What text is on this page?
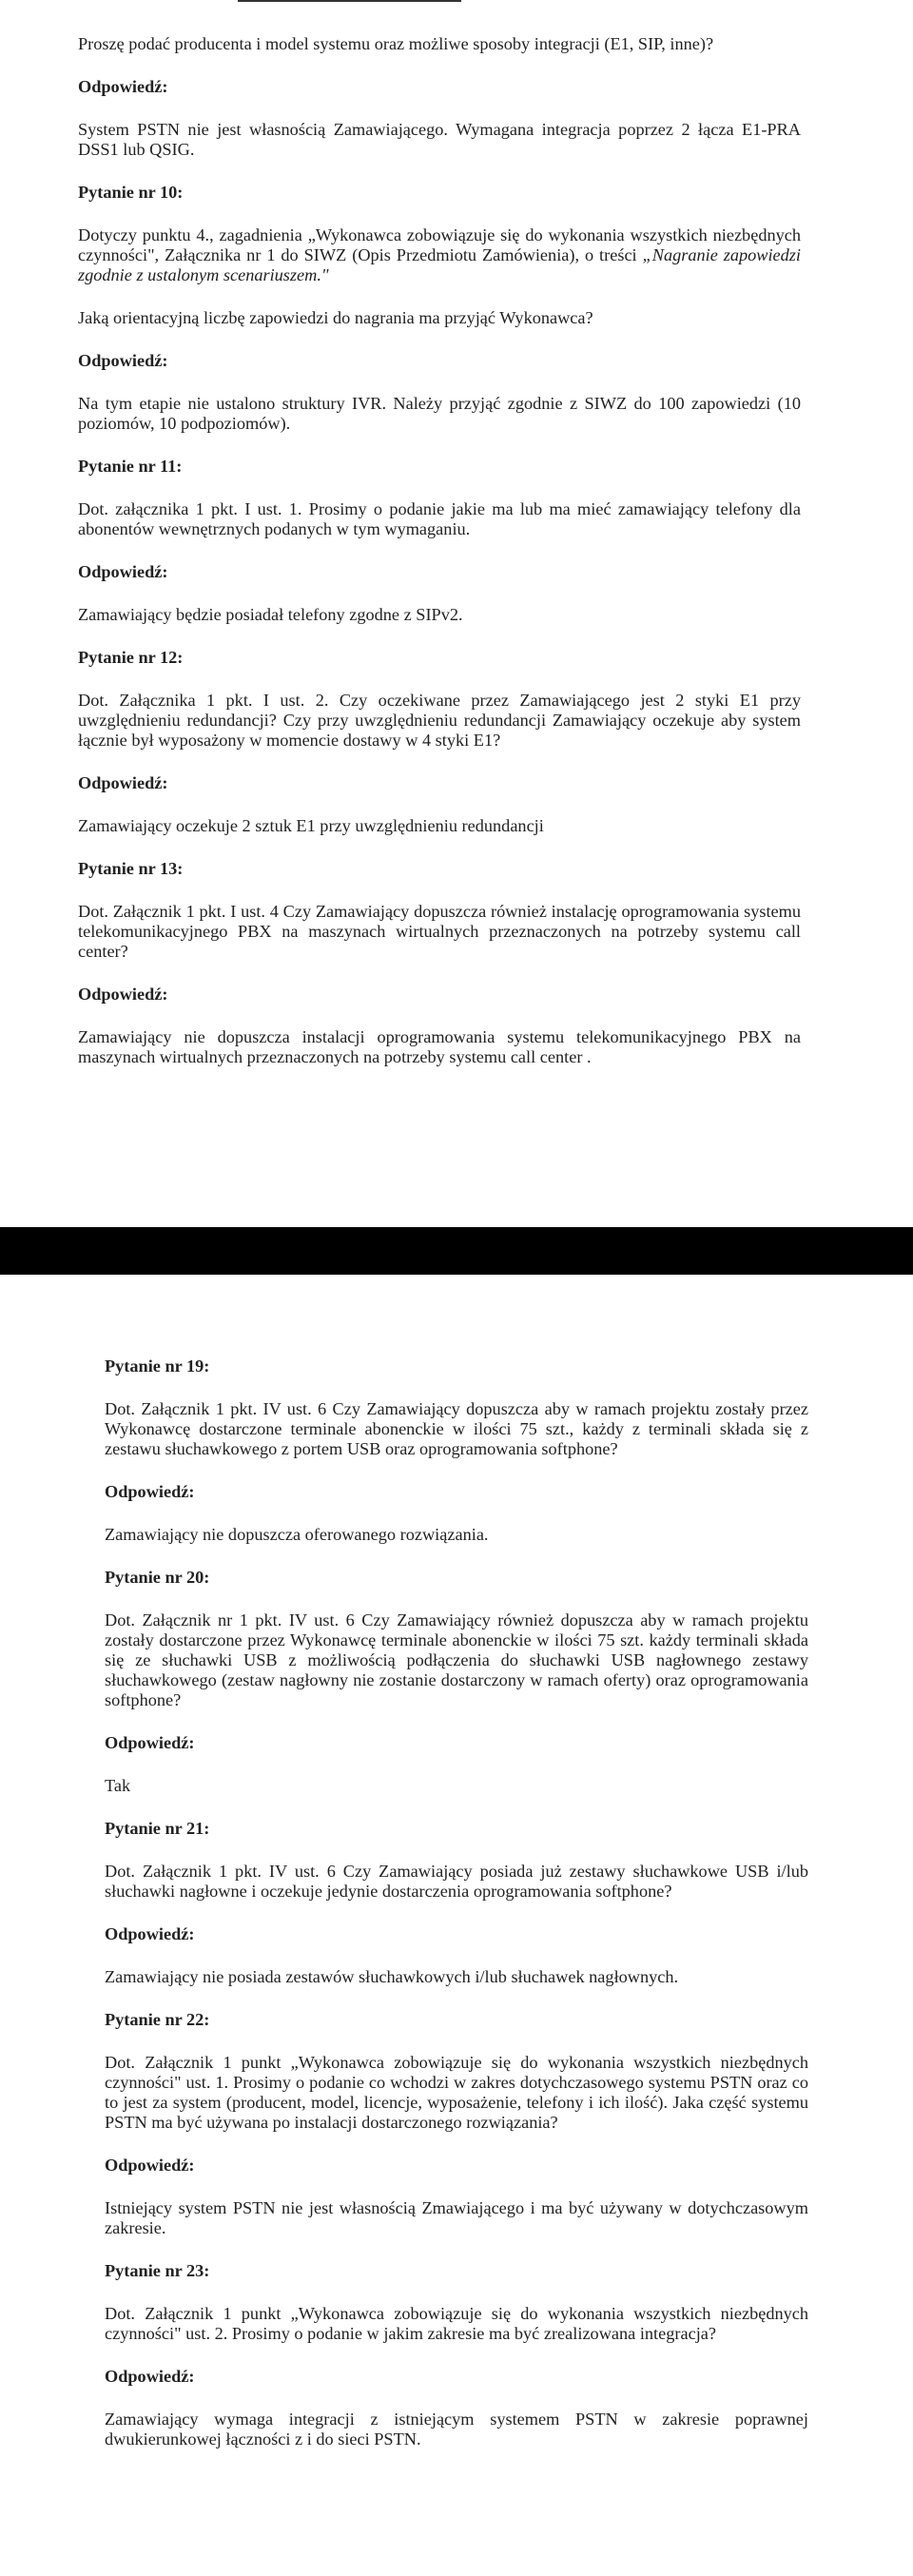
Proszę podać producenta i model systemu oraz możliwe sposoby integracji (E1, SIP, inne)?

Odpowiedź:

System PSTN nie jest własnością Zamawiającego. Wymagana integracja poprzez 2 łącza E1-PRA DSS1 lub QSIG.

Pytanie nr 10:

Dotyczy punktu 4., zagadnienia „Wykonawca zobowiązuje się do wykonania wszystkich niezbędnych czynności", Załącznika nr 1 do SIWZ (Opis Przedmiotu Zamówienia), o treści „Nagranie zapowiedzi zgodnie z ustalonym scenariuszem."

Jaką orientacyjną liczbę zapowiedzi do nagrania ma przyjąć Wykonawca?

Odpowiedź:

Na tym etapie nie ustalono struktury IVR. Należy przyjąć zgodnie z SIWZ do 100 zapowiedzi (10 poziomów, 10 podpoziomów).

Pytanie nr 11:

Dot. załącznika 1 pkt. I ust. 1. Prosimy o podanie jakie ma lub ma mieć zamawiający telefony dla abonentów wewnętrznych podanych w tym wymaganiu.

Odpowiedź:

Zamawiający będzie posiadał telefony zgodne z SIPv2.

Pytanie nr 12:

Dot. Załącznika 1 pkt. I ust. 2. Czy oczekiwane przez Zamawiającego jest 2 styki E1 przy uwzględnieniu redundancji? Czy przy uwzględnieniu redundancji Zamawiający oczekuje aby system łącznie był wyposażony w momencie dostawy w 4 styki E1?

Odpowiedź:

Zamawiający oczekuje 2 sztuk E1 przy uwzględnieniu redundancji

Pytanie nr 13:

Dot. Załącznik 1 pkt. I ust. 4 Czy Zamawiający dopuszcza również instalację oprogramowania systemu telekomunikacyjnego PBX na maszynach wirtualnych przeznaczonych na potrzeby systemu call center?

Odpowiedź:

Zamawiający nie dopuszcza instalacji oprogramowania systemu telekomunikacyjnego PBX na maszynach wirtualnych przeznaczonych na potrzeby systemu call center .

Pytanie nr 19:

Dot. Załącznik 1 pkt. IV ust. 6 Czy Zamawiający dopuszcza aby w ramach projektu zostały przez Wykonawcę dostarczone terminale abonenckie w ilości 75 szt., każdy z terminali składa się z zestawu słuchawkowego z portem USB oraz oprogramowania softphone?

Odpowiedź:

Zamawiający nie dopuszcza oferowanego rozwiązania.

Pytanie nr 20:

Dot. Załącznik nr 1 pkt. IV ust. 6 Czy Zamawiający również dopuszcza aby w ramach projektu zostały dostarczone przez Wykonawcę terminale abonenckie w ilości 75 szt. każdy terminali składa się ze słuchawki USB z możliwością podłączenia do słuchawki USB nagłownego zestawy słuchawkowego (zestaw nagłowny nie zostanie dostarczony w ramach oferty) oraz oprogramowania softphone?

Odpowiedź:

Tak

Pytanie nr 21:

Dot. Załącznik 1 pkt. IV ust. 6 Czy Zamawiający posiada już zestawy słuchawkowe USB i/lub słuchawki nagłowne i oczekuje jedynie dostarczenia oprogramowania softphone?

Odpowiedź:

Zamawiający nie posiada zestawów słuchawkowych i/lub słuchawek nagłownych.

Pytanie nr 22:

Dot. Załącznik 1 punkt „Wykonawca zobowiązuje się do wykonania wszystkich niezbędnych czynności" ust. 1. Prosimy o podanie co wchodzi w zakres dotychczasowego systemu PSTN oraz co to jest za system (producent, model, licencje, wyposażenie, telefony i ich ilość). Jaka część systemu PSTN ma być używana po instalacji dostarczonego rozwiązania?

Odpowiedź:

Istniejący system PSTN nie jest własnością Zmawiającego i ma być używany w dotychczasowym zakresie.

Pytanie nr 23:

Dot. Załącznik 1 punkt „Wykonawca zobowiązuje się do wykonania wszystkich niezbędnych czynności" ust. 2. Prosimy o podanie w jakim zakresie ma być zrealizowana integracja?

Odpowiedź:

Zamawiający wymaga integracji z istniejącym systemem PSTN w zakresie poprawnej dwukierunkowej łączności z i do sieci PSTN.
